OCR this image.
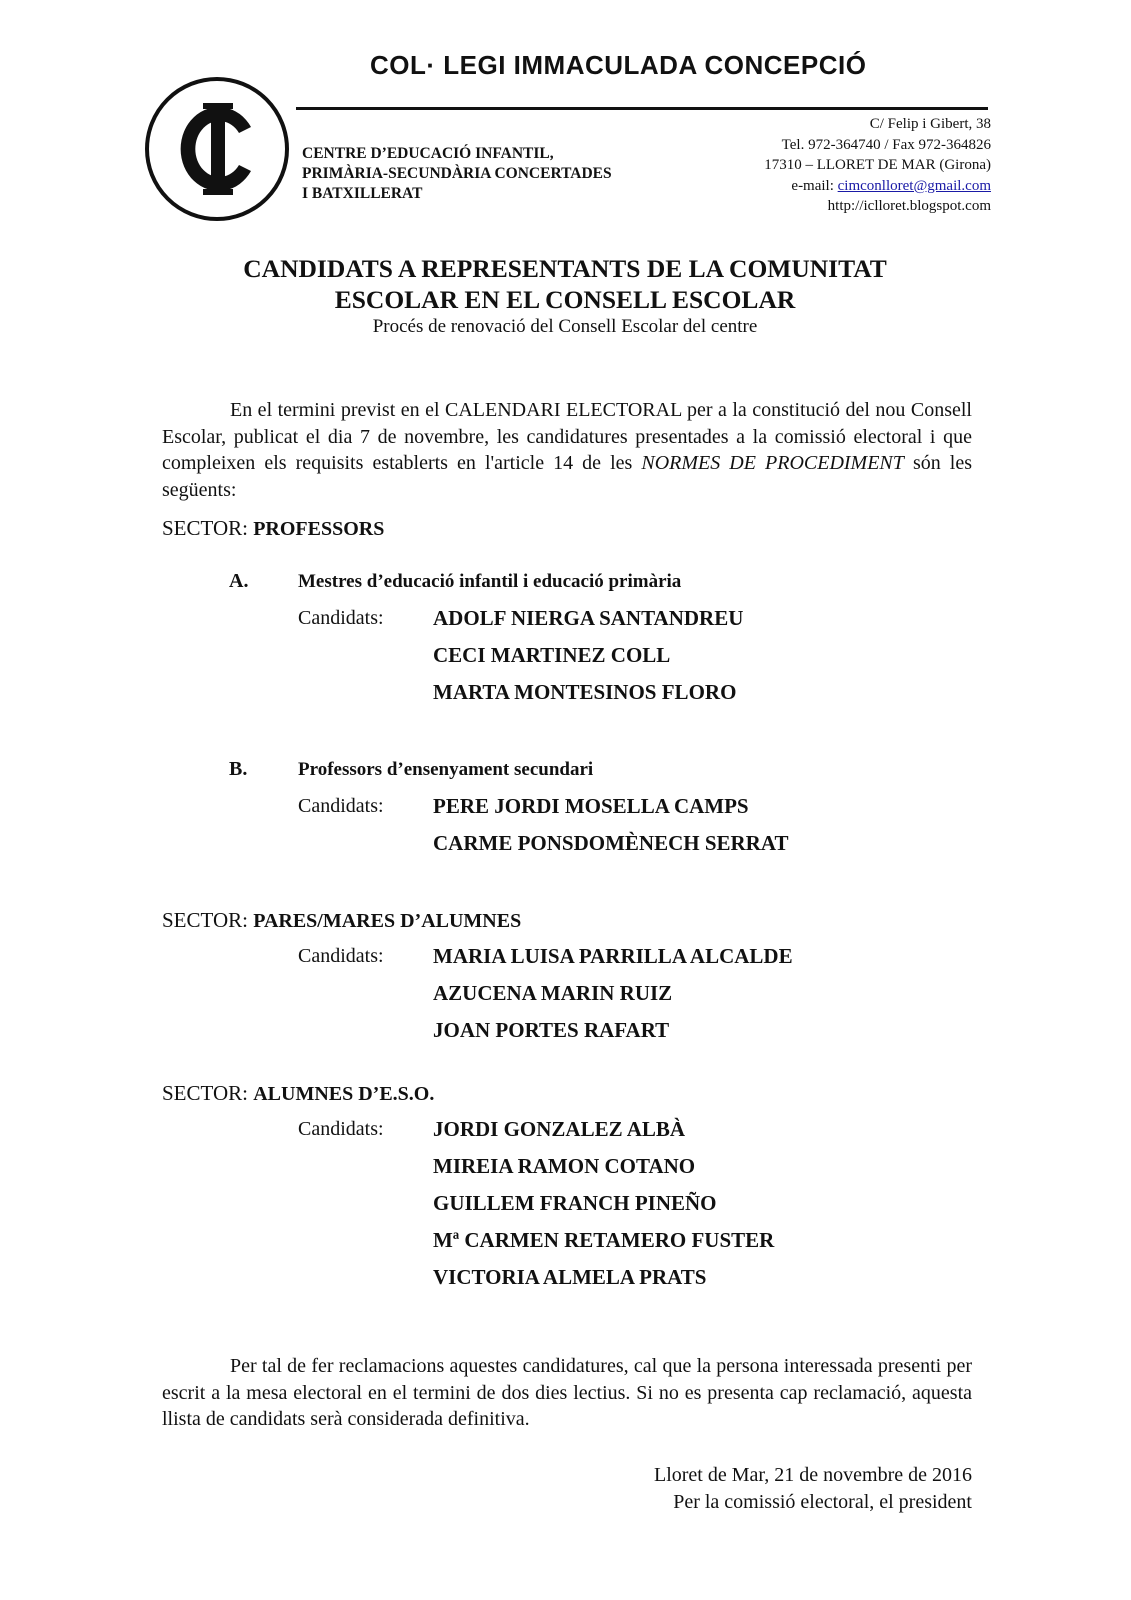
COL· LEGI IMMACULADA CONCEPCIÓ
CENTRE D’EDUCACIÓ INFANTIL,
PRIMÀRIA-SECUNDÀRIA CONCERTADES
I BATXILLERAT
C/ Felip i Gibert, 38
Tel. 972-364740 / Fax 972-364826
17310 – LLORET DE MAR (Girona)
e-mail: cimconlloret@gmail.com
http://iclloret.blogspot.com
CANDIDATS A REPRESENTANTS DE LA COMUNITAT
ESCOLAR EN EL CONSELL ESCOLAR
Procés de renovació del Consell Escolar del centre
En el termini previst en el CALENDARI ELECTORAL per a la constitució del nou Consell Escolar, publicat el dia 7 de novembre, les candidatures presentades a la comissió electoral i que compleixen els requisits establerts en l'article 14 de les NORMES DE PROCEDIMENT són les següents:
SECTOR: PROFESSORS
A.	Mestres d’educació infantil i educació primària
Candidats: ADOLF NIERGA SANTANDREU
CECI MARTINEZ COLL
MARTA MONTESINOS FLORO
B.	Professors d’ensenyament secundari
Candidats: PERE JORDI MOSELLA CAMPS
CARME PONSDOMÈNECH SERRAT
SECTOR: PARES/MARES D’ALUMNES
Candidats: MARIA LUISA PARRILLA ALCALDE
AZUCENA MARIN RUIZ
JOAN PORTES RAFART
SECTOR: ALUMNES D’E.S.O.
Candidats: JORDI GONZALEZ ALBÀ
MIREIA RAMON COTANO
GUILLEM FRANCH PINEÑO
Mª CARMEN RETAMERO FUSTER
VICTORIA ALMELA PRATS
Per tal de fer reclamacions aquestes candidatures, cal que la persona interessada presenti per escrit a la mesa electoral en el termini de dos dies lectius. Si no es presenta cap reclamació, aquesta llista de candidats serà considerada definitiva.
Lloret de Mar, 21 de novembre de 2016
Per la comissió electoral, el president
